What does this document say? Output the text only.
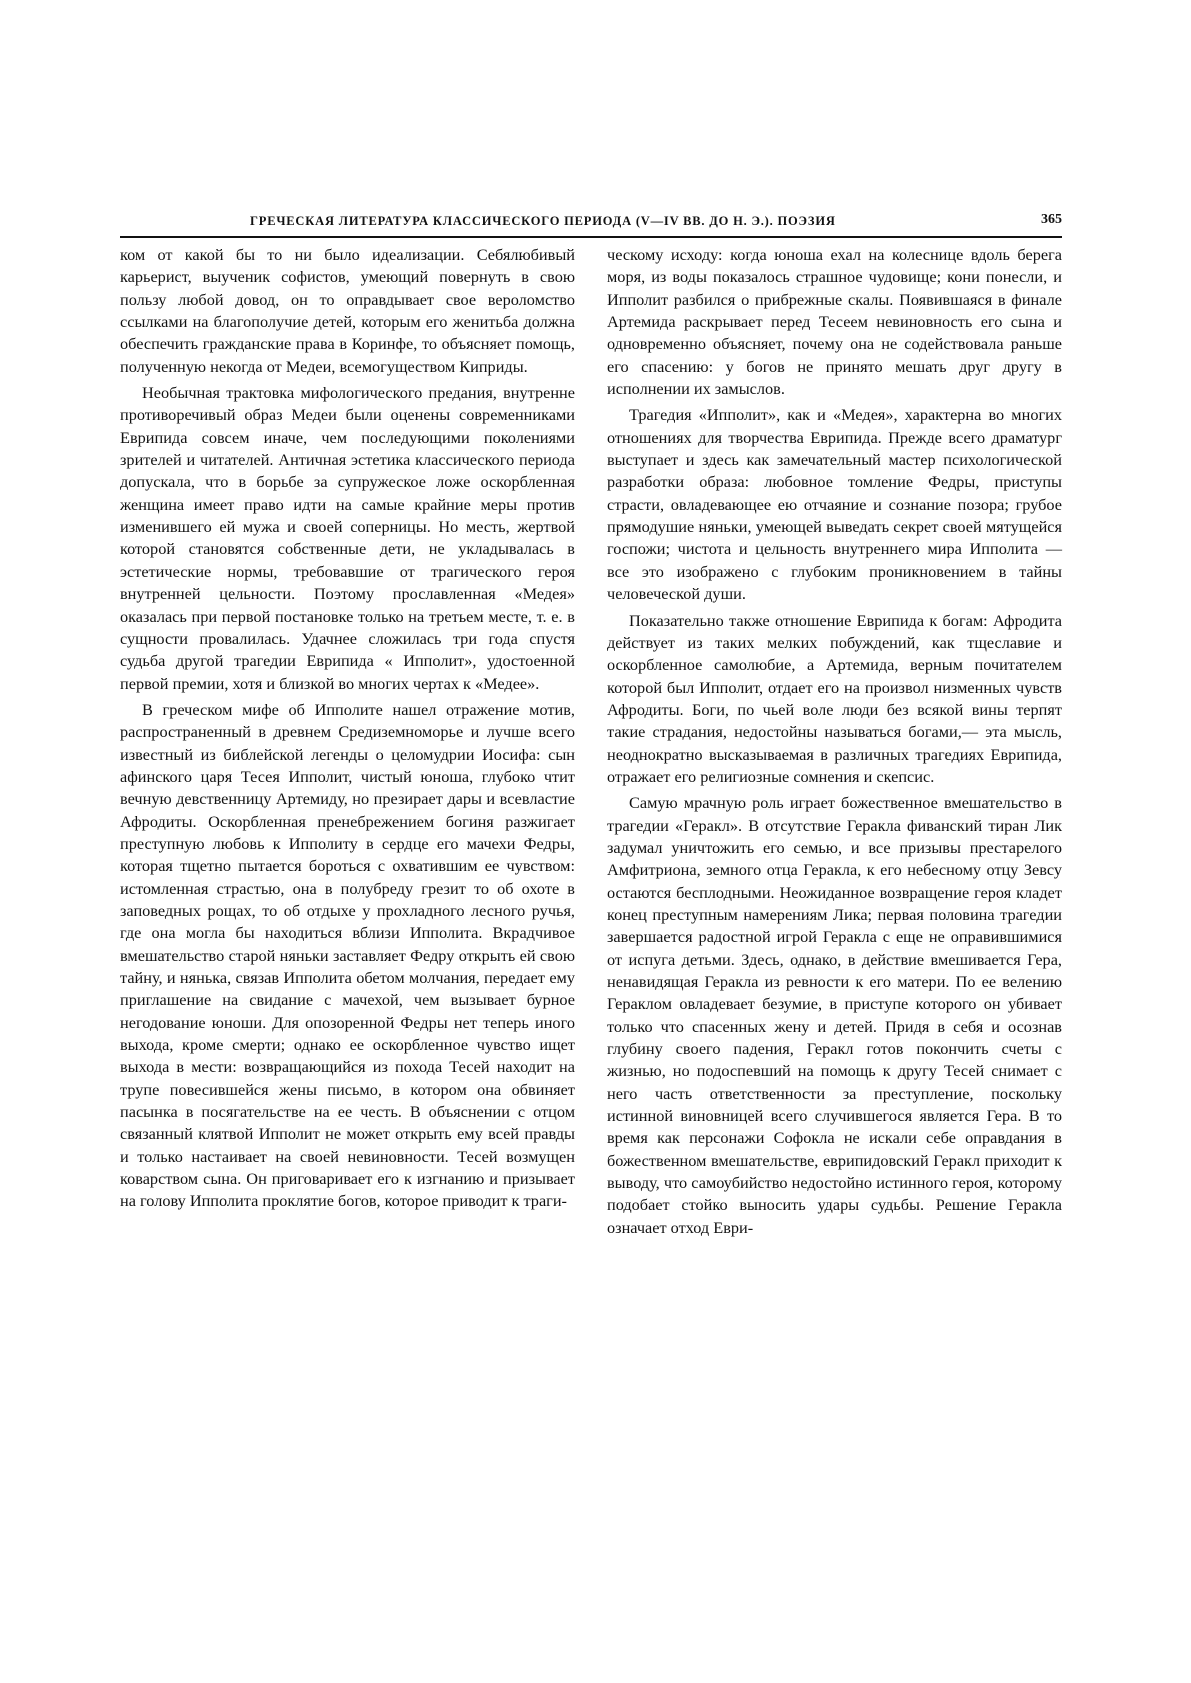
ГРЕЧЕСКАЯ ЛИТЕРАТУРА КЛАССИЧЕСКОГО ПЕРИОДА (V—IV ВВ. ДО Н. Э.). ПОЭЗИЯ	365

ком от какой бы то ни было идеализации. Себялюбивый карьерист, выученик софистов, умеющий повернуть в свою пользу любой довод, он то оправдывает свое вероломство ссылками на благополучие детей, которым его женитьба должна обеспечить гражданские права в Коринфе, то объясняет помощь, полученную некогда от Медеи, всемогуществом Киприды.

Необычная трактовка мифологического предания, внутренне противоречивый образ Медеи были оценены современниками Еврипида совсем иначе, чем последующими поколениями зрителей и читателей. Античная эстетика классического периода допускала, что в борьбе за супружеское ложе оскорбленная женщина имеет право идти на самые крайние меры против изменившего ей мужа и своей соперницы. Но месть, жертвой которой становятся собственные дети, не укладывалась в эстетические нормы, требовавшие от трагического героя внутренней цельности. Поэтому прославленная «Медея» оказалась при первой постановке только на третьем месте, т. е. в сущности провалилась. Удачнее сложилась три года спустя судьба другой трагедии Еврипида « Ипполит», удостоенной первой премии, хотя и близкой во многих чертах к «Медее».

В греческом мифе об Ипполите нашел отражение мотив, распространенный в древнем Средиземноморье и лучше всего известный из библейской легенды о целомудрии Иосифа: сын афинского царя Тесея Ипполит, чистый юноша, глубоко чтит вечную девственницу Артемиду, но презирает дары и всевластие Афродиты. Оскорбленная пренебрежением богиня разжигает преступную любовь к Ипполиту в сердце его мачехи Федры, которая тщетно пытается бороться с охватившим ее чувством: истомленная страстью, она в полубреду грезит то об охоте в заповедных рощах, то об отдыхе у прохладного лесного ручья, где она могла бы находиться вблизи Ипполита. Вкрадчивое вмешательство старой няньки заставляет Федру открыть ей свою тайну, и нянька, связав Ипполита обетом молчания, передает ему приглашение на свидание с мачехой, чем вызывает бурное негодование юноши. Для опозоренной Федры нет теперь иного выхода, кроме смерти; однако ее оскорбленное чувство ищет выхода в мести: возвращающийся из похода Тесей находит на трупе повесившейся жены письмо, в котором она обвиняет пасынка в посягательстве на ее честь. В объяснении с отцом связанный клятвой Ипполит не может открыть ему всей правды и только настаивает на своей невиновности. Тесей возмущен коварством сына. Он приговаривает его к изгнанию и призывает на голову Ипполита проклятие богов, которое приводит к траги-

ческому исходу: когда юноша ехал на колеснице вдоль берега моря, из воды показалось страшное чудовище; кони понесли, и Ипполит разбился о прибрежные скалы. Появившаяся в финале Артемида раскрывает перед Тесеем невиновность его сына и одновременно объясняет, почему она не содействовала раньше его спасению: у богов не принято мешать друг другу в исполнении их замыслов.

Трагедия «Ипполит», как и «Медея», характерна во многих отношениях для творчества Еврипида. Прежде всего драматург выступает и здесь как замечательный мастер психологической разработки образа: любовное томление Федры, приступы страсти, овладевающее ею отчаяние и сознание позора; грубое прямодушие няньки, умеющей выведать секрет своей мятущейся госпожи; чистота и цельность внутреннего мира Ипполита — все это изображено с глубоким проникновением в тайны человеческой души.

Показательно также отношение Еврипида к богам: Афродита действует из таких мелких побуждений, как тщеславие и оскорбленное самолюбие, а Артемида, верным почитателем которой был Ипполит, отдает его на произвол низменных чувств Афродиты. Боги, по чьей воле люди без всякой вины терпят такие страдания, недостойны называться богами,— эта мысль, неоднократно высказываемая в различных трагедиях Еврипида, отражает его религиозные сомнения и скепсис.

Самую мрачную роль играет божественное вмешательство в трагедии «Геракл». В отсутствие Геракла фиванский тиран Лик задумал уничтожить его семью, и все призывы престарелого Амфитриона, земного отца Геракла, к его небесному отцу Зевсу остаются бесплодными. Неожиданное возвращение героя кладет конец преступным намерениям Лика; первая половина трагедии завершается радостной игрой Геракла с еще не оправившимися от испуга детьми. Здесь, однако, в действие вмешивается Гера, ненавидящая Геракла из ревности к его матери. По ее велению Гераклом овладевает безумие, в приступе которого он убивает только что спасенных жену и детей. Придя в себя и осознав глубину своего падения, Геракл готов покончить счеты с жизнью, но подоспевший на помощь к другу Тесей снимает с него часть ответственности за преступление, поскольку истинной виновницей всего случившегося является Гера. В то время как персонажи Софокла не искали себе оправдания в божественном вмешательстве, еврипидовский Геракл приходит к выводу, что самоубийство недостойно истинного героя, которому подобает стойко выносить удары судьбы. Решение Геракла означает отход Еври-
